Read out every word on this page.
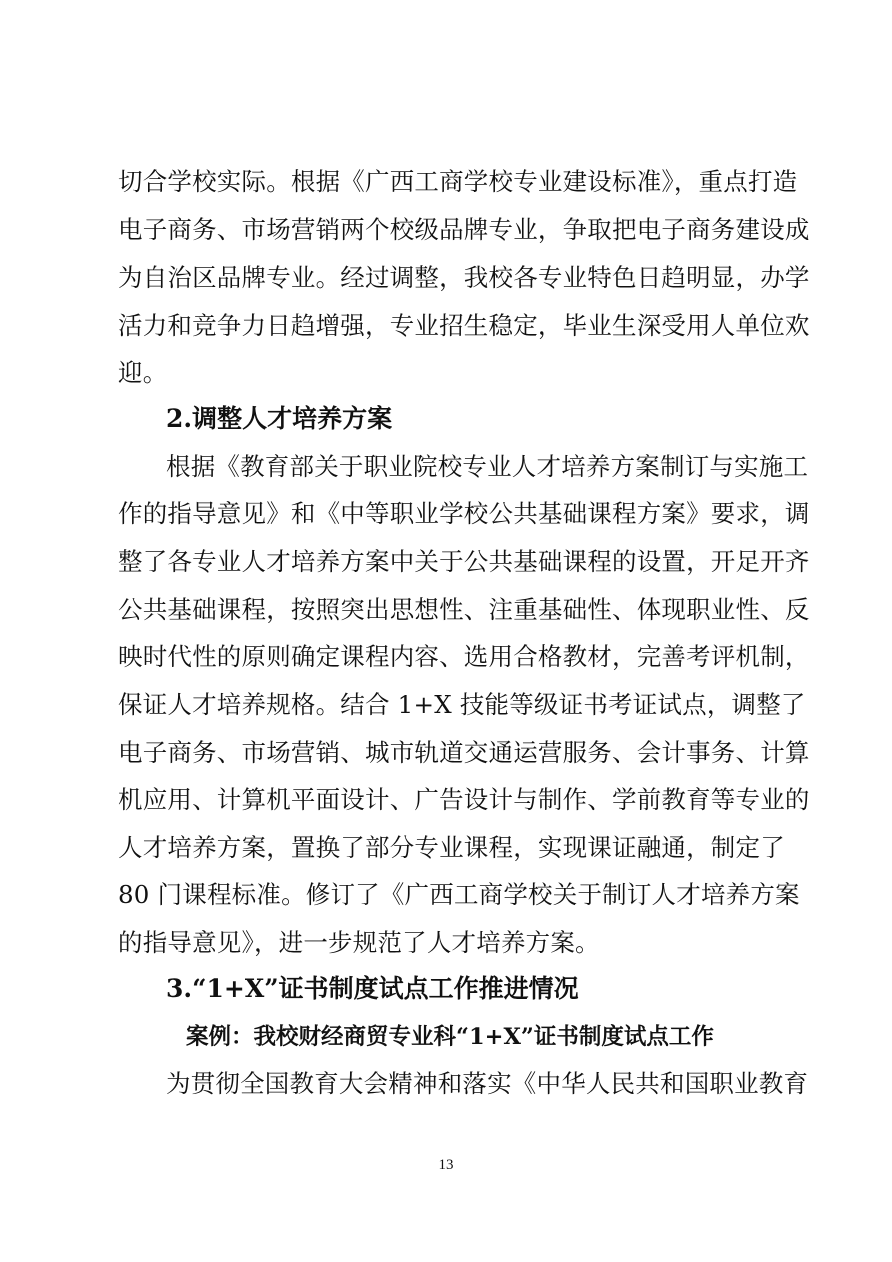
切合学校实际。根据《广西工商学校专业建设标准》，重点打造
电子商务、市场营销两个校级品牌专业，争取把电子商务建设成
为自治区品牌专业。经过调整，我校各专业特色日趋明显，办学
活力和竞争力日趋增强，专业招生稳定，毕业生深受用人单位欢
迎。
2.调整人才培养方案
根据《教育部关于职业院校专业人才培养方案制订与实施工
作的指导意见》和《中等职业学校公共基础课程方案》要求，调
整了各专业人才培养方案中关于公共基础课程的设置，开足开齐
公共基础课程，按照突出思想性、注重基础性、体现职业性、反
映时代性的原则确定课程内容、选用合格教材，完善考评机制，
保证人才培养规格。结合 1+X 技能等级证书考证试点，调整了
电子商务、市场营销、城市轨道交通运营服务、会计事务、计算
机应用、计算机平面设计、广告设计与制作、学前教育等专业的
人才培养方案，置换了部分专业课程，实现课证融通，制定了
80 门课程标准。修订了《广西工商学校关于制订人才培养方案
的指导意见》，进一步规范了人才培养方案。
3.“1+X”证书制度试点工作推进情况
案例：我校财经商贸专业科“1+X”证书制度试点工作
为贯彻全国教育大会精神和落实《中华人民共和国职业教育
13
